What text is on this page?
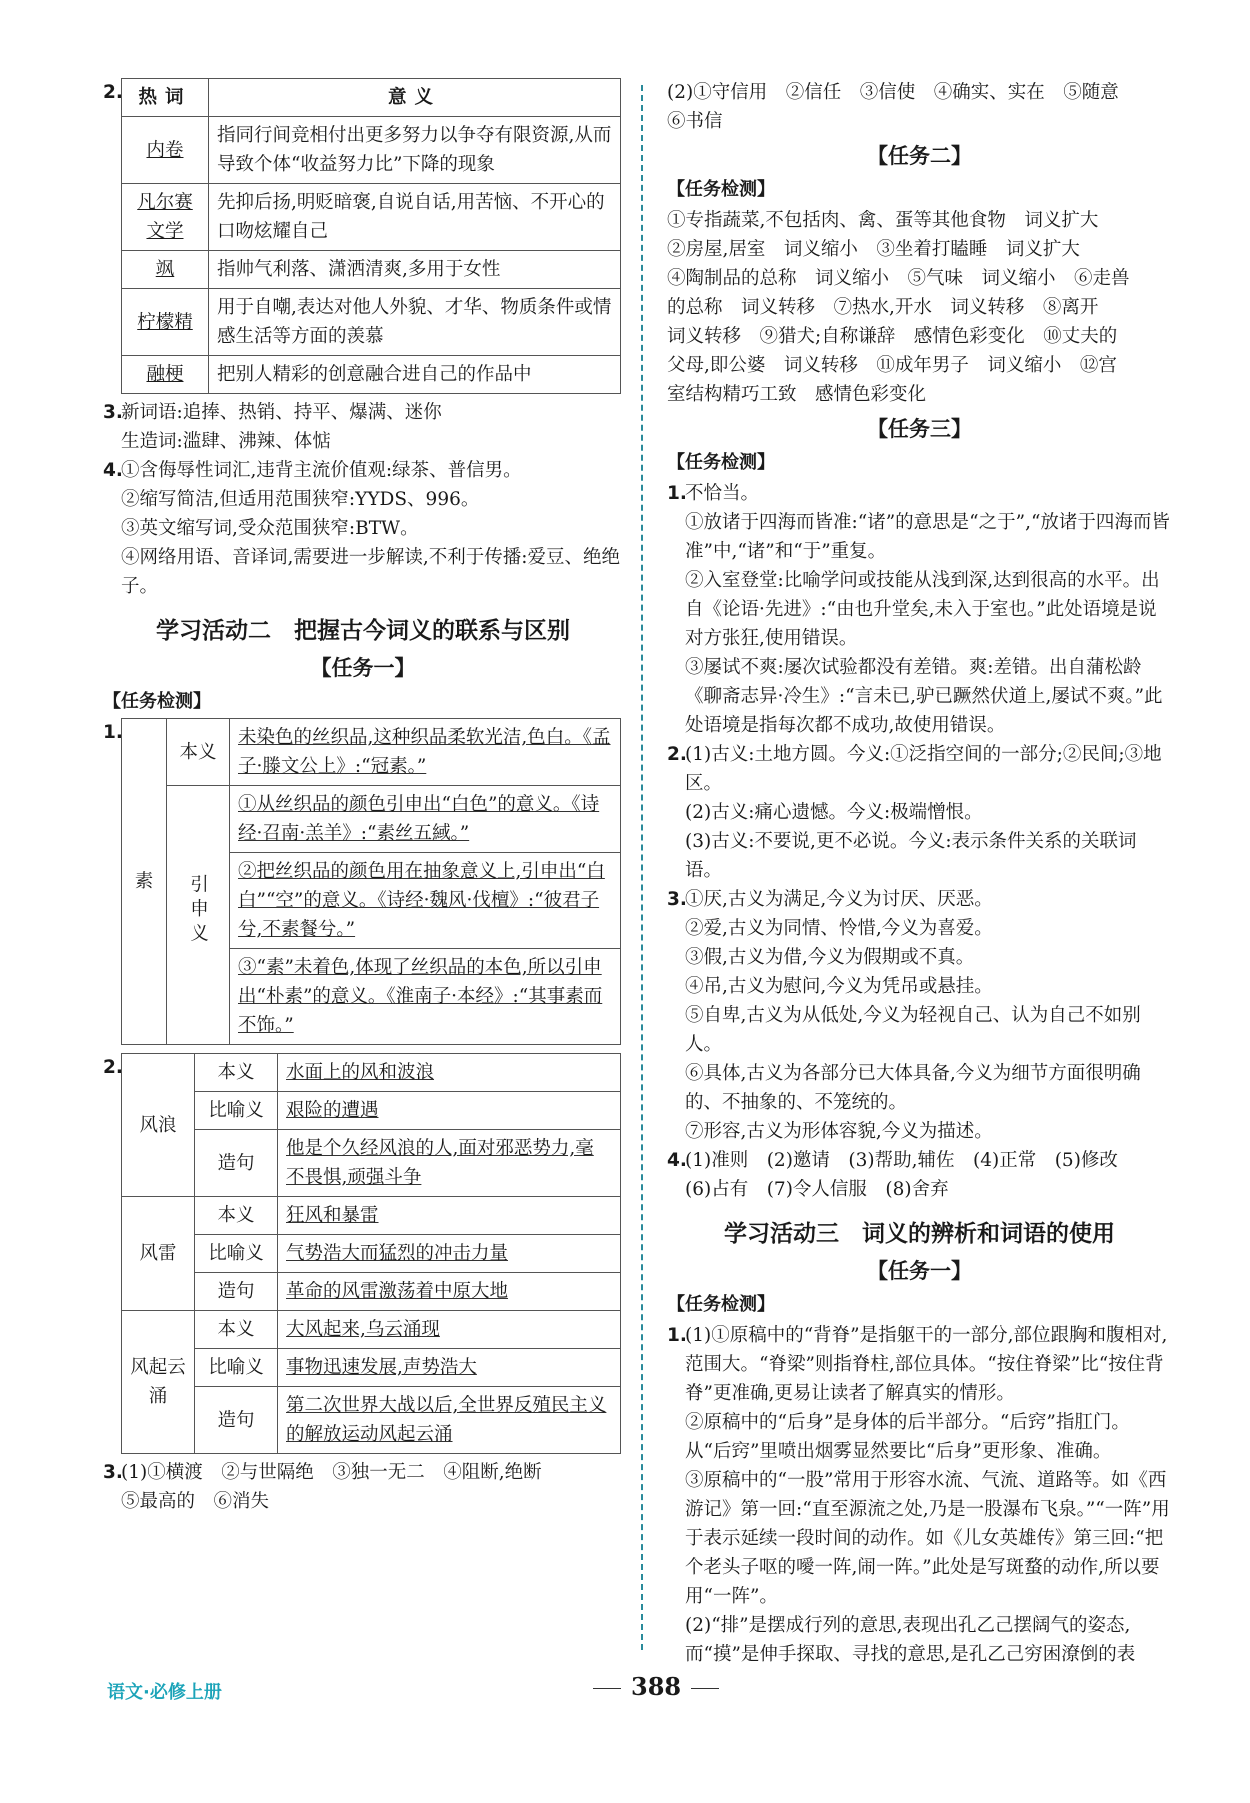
2. 热词	意义
内卷	指同行间竞相付出更多努力以争夺有限资源,从而导致个体“收益努力比”下降的现象
凡尔赛文学	先抑后扬,明贬暗褒,自说自话,用苦恼、不开心的口吻炫耀自己
飒	指帅气利落、潇洒清爽,多用于女性
柠檬精	用于自嘲,表达对他人外貌、才华、物质条件或情感生活等方面的羡慕
融梗	把别人精彩的创意融合进自己的作品中
3.

新词语:追捧、热销、持平、爆满、迷你

生造词:滥肆、沸辣、体惦

4.

①含侮辱性词汇,违背主流价值观:绿茶、普信男。

②缩写简洁,但适用范围狭窄:YYDS、996。

③英文缩写词,受众范围狭窄:BTW。

④网络用语、音译词,需要进一步解读,不利于传播:爱豆、绝绝子。

学习活动二　把握古今词义的联系与区别
【任务一】
【任务检测】
1.
素	本义	未染色的丝织品,这种织品柔软光洁,色白。《孟子·滕文公上》:“冠素。”
	引申义	①从丝织品的颜色引申出“白色”的意义。《诗经·召南·羔羊》:“素丝五緎。”
		②把丝织品的颜色用在抽象意义上,引申出“白白”“空”的意义。《诗经·魏风·伐檀》:“彼君子兮,不素餐兮。”
		③“素”未着色,体现了丝织品的本色,所以引申出“朴素”的意义。《淮南子·本经》:“其事素而不饰。”
2.
风浪	本义	水面上的风和波浪
	比喻义	艰险的遭遇
	造句	他是个久经风浪的人,面对邪恶势力,毫不畏惧,顽强斗争
风雷	本义	狂风和暴雷
	比喻义	气势浩大而猛烈的冲击力量
	造句	革命的风雷激荡着中原大地
风起云涌	本义	大风起来,乌云涌现
	比喻义	事物迅速发展,声势浩大
	造句	第二次世界大战以后,全世界反殖民主义的解放运动风起云涌
3.

(1)①横渡　②与世隔绝　③独一无二　④阻断,绝断

⑤最高的　⑥消失

(2)①守信用　②信任　③信使　④确实、实在　⑤随意

⑥书信

【任务二】
【任务检测】

①专指蔬菜,不包括肉、禽、蛋等其他食物　词义扩大

②房屋,居室　词义缩小　③坐着打瞌睡　词义扩大

④陶制品的总称　词义缩小　⑤气味　词义缩小　⑥走兽

的总称　词义转移　⑦热水,开水　词义转移　⑧离开

词义转移　⑨猎犬;自称谦辞　感情色彩变化　⑩丈夫的

父母,即公婆　词义转移　⑪成年男子　词义缩小　⑫宫

室结构精巧工致　感情色彩变化

【任务三】
【任务检测】
1.

不恰当。

①放诸于四海而皆准:“诸”的意思是“之于”,“放诸于四海而皆准”中,“诸”和“于”重复。

②入室登堂:比喻学问或技能从浅到深,达到很高的水平。出自《论语·先进》:“由也升堂矣,未入于室也。”此处语境是说对方张狂,使用错误。

③屡试不爽:屡次试验都没有差错。爽:差错。出自蒲松龄《聊斋志异·冷生》:“言未已,驴已蹶然伏道上,屡试不爽。”此处语境是指每次都不成功,故使用错误。

2.

(1)古义:土地方圆。今义:①泛指空间的一部分;②民间;③地区。

(2)古义:痛心遗憾。今义:极端憎恨。

(3)古义:不要说,更不必说。今义:表示条件关系的关联词语。

3.

①厌,古义为满足,今义为讨厌、厌恶。

②爱,古义为同情、怜惜,今义为喜爱。

③假,古义为借,今义为假期或不真。

④吊,古义为慰问,今义为凭吊或悬挂。

⑤自卑,古义为从低处,今义为轻视自己、认为自己不如别人。

⑥具体,古义为各部分已大体具备,今义为细节方面很明确的、不抽象的、不笼统的。

⑦形容,古义为形体容貌,今义为描述。

4.

(1)准则　(2)邀请　(3)帮助,辅佐　(4)正常　(5)修改

(6)占有　(7)令人信服　(8)舍弃

学习活动三　词义的辨析和词语的使用
【任务一】
【任务检测】
1.

(1)①原稿中的“背脊”是指躯干的一部分,部位跟胸和腹相对,范围大。“脊梁”则指脊柱,部位具体。“按住脊梁”比“按住背脊”更准确,更易让读者了解真实的情形。

②原稿中的“后身”是身体的后半部分。“后窍”指肛门。从“后窍”里喷出烟雾显然要比“后身”更形象、准确。

③原稿中的“一股”常用于形容水流、气流、道路等。如《西游记》第一回:“直至源流之处,乃是一股瀑布飞泉。”“一阵”用于表示延续一段时间的动作。如《儿女英雄传》第三回:“把个老头子呕的噯一阵,闹一阵。”此处是写斑蝥的动作,所以要用“一阵”。

(2)“排”是摆成行列的意思,表现出孔乙己摆阔气的姿态,而“摸”是伸手探取、寻找的意思,是孔乙己穷困潦倒的表

语文·必修上册	388
